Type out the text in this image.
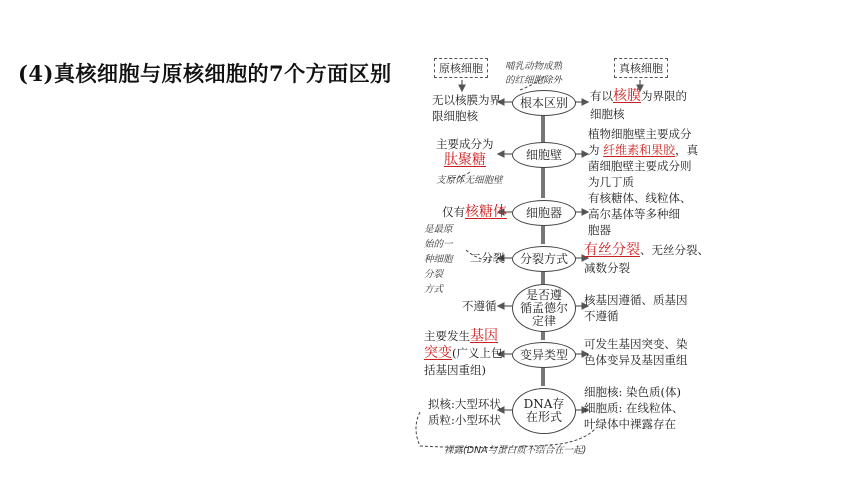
(4)真核细胞与原核细胞的7个方面区别	原核细胞	真核细胞
哺乳动物成熟
的红细胞除外
根本区别
细胞壁
细胞器
分裂方式
是否遵
循孟德尔
定律
变异类型
DNA存
在形式
无以核膜为界
限细胞核
有以核膜为界限的
细胞核
主要成分为
肽聚糖
支原体无细胞壁
植物细胞壁主要成分
为 纤维素和果胶，真
菌细胞壁主要成分则
为几丁质
仅有核糖体
有核糖体、线粒体、
高尔基体等多种细
胞器
是最原
始的一
种细胞
分裂
方式
二分裂	有丝分裂、无丝分裂、
减数分裂
不遵循	核基因遵循、质基因
不遵循
主要发生基因
突变(广义上包
括基因重组)
可发生基因突变、染
色体变异及基因重组
拟核:大型环状
质粒:小型环状
细胞核: 染色质(体)
细胞质: 在线粒体、
叶绿体中裸露存在
裸露(DNA与蛋白质不结合在一起)
